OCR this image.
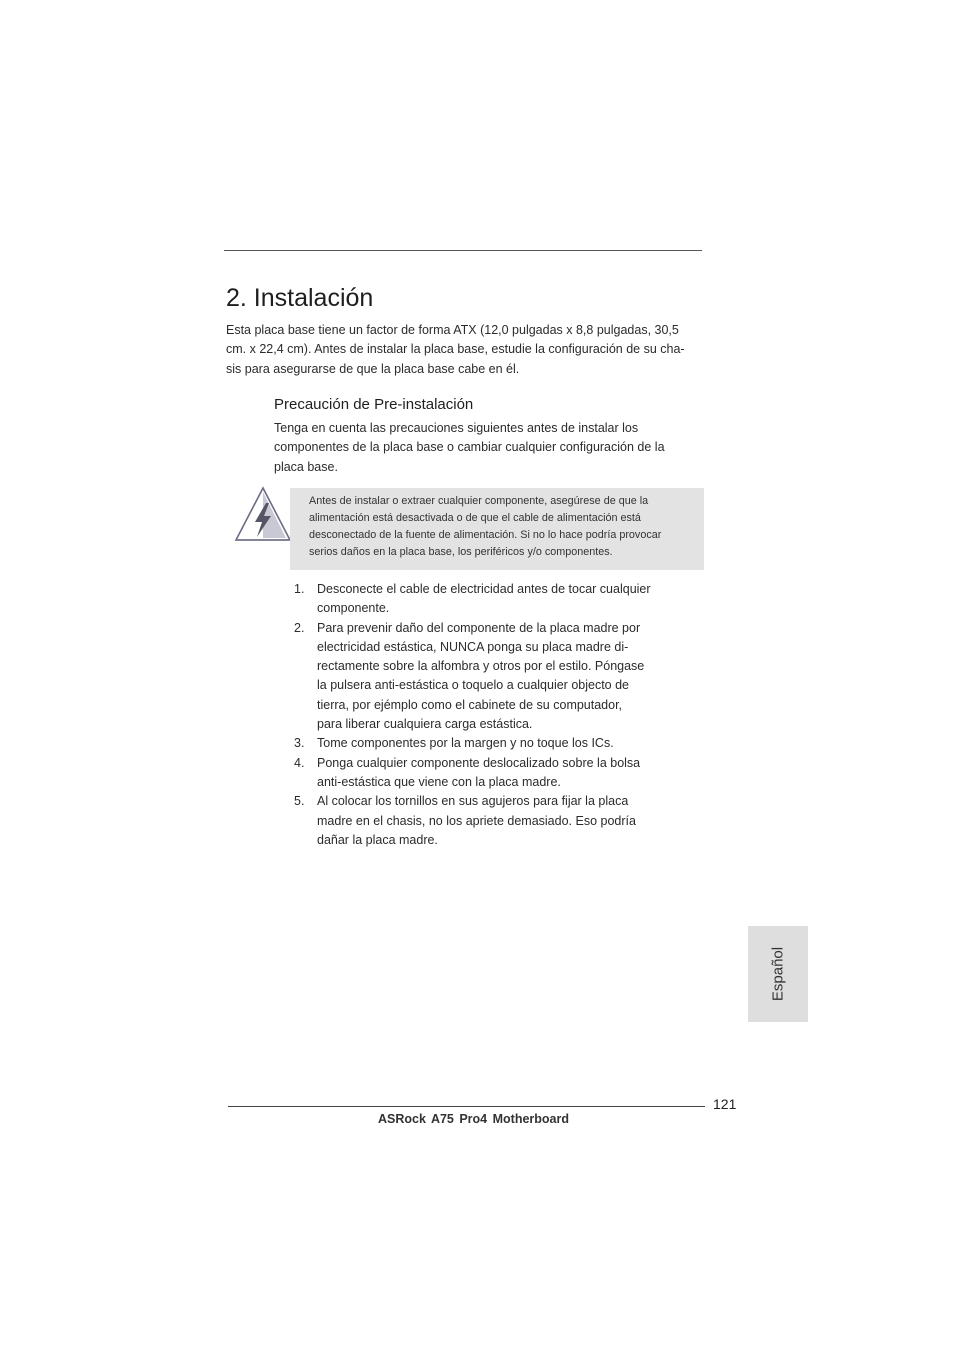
2. Instalación
Esta placa base tiene un factor de forma ATX (12,0 pulgadas x 8,8 pulgadas, 30,5
cm. x 22,4 cm). Antes de instalar la placa base, estudie la configuración de su cha-
sis para asegurarse de que la placa base cabe en él.
Precaución de Pre-instalación
Tenga en cuenta las precauciones siguientes antes de instalar los
componentes de la placa base o cambiar cualquier configuración de la
placa base.
Antes de instalar o extraer cualquier componente, asegúrese de que la
alimentación está desactivada o de que el cable de alimentación está
desconectado de la fuente de alimentación. Si no lo hace podría provocar
serios daños en la placa base, los periféricos y/o componentes.
1.	Desconecte el cable de electricidad antes de tocar cualquier
componente.
2.	Para prevenir daño del componente de la placa madre por
electricidad estástica, NUNCA ponga su placa madre di-
rectamente sobre la alfombra y otros por el estilo. Póngase
la pulsera anti-estástica o toquelo a cualquier objecto de
tierra, por ejémplo como el cabinete de su computador,
para liberar cualquiera carga estástica.
3.	Tome componentes por la margen y no toque los ICs.
4.	Ponga cualquier componente deslocalizado sobre la bolsa
anti-estástica que viene con la placa madre.
5.	Al colocar los tornillos en sus agujeros para fijar la placa
madre en el chasis, no los apriete demasiado. Eso podría
dañar la placa madre.
Español
121
ASRock A75 Pro4 Motherboard
